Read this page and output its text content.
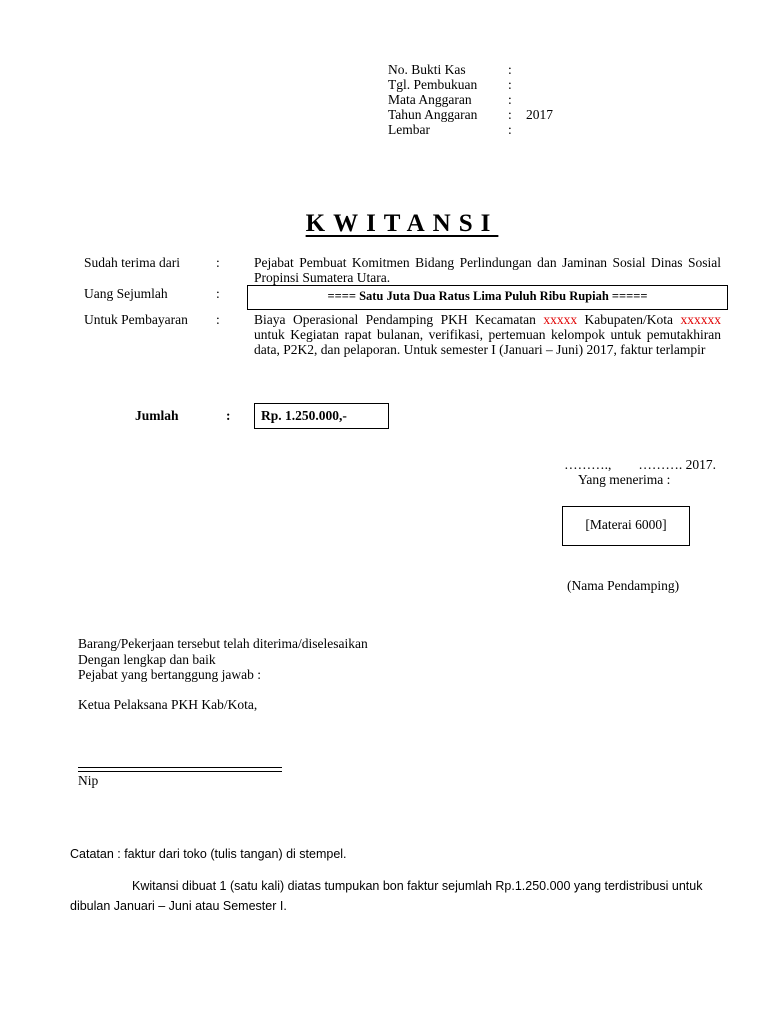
No. Bukti Kas	:
Tgl. Pembukuan :
Mata Anggaran	:
Tahun Anggaran : 2017
Lembar	:
KWITANSI
Sudah terima dari	:	Pejabat Pembuat Komitmen Bidang Perlindungan dan Jaminan Sosial Dinas Sosial Propinsi Sumatera Utara.
Uang Sejumlah	:	==== Satu Juta Dua Ratus Lima Puluh Ribu Rupiah =====
Untuk Pembayaran :	Biaya Operasional Pendamping PKH Kecamatan xxxxx Kabupaten/Kota xxxxxx untuk Kegiatan rapat bulanan, verifikasi, pertemuan kelompok untuk pemutakhiran data, P2K2, dan pelaporan. Untuk semester I (Januari – Juni) 2017, faktur terlampir
Jumlah	: Rp. 1.250.000,-
……….,        ………. 2017.
Yang menerima :
[Materai 6000]
(Nama Pendamping)
Barang/Pekerjaan tersebut telah diterima/diselesaikan
Dengan lengkap dan baik
Pejabat yang bertanggung jawab :
Ketua Pelaksana PKH Kab/Kota,
Nip
Catatan : faktur dari toko (tulis tangan) di stempel.
Kwitansi dibuat 1 (satu kali) diatas tumpukan bon faktur sejumlah Rp.1.250.000 yang terdistribusi untuk dibulan Januari – Juni atau Semester I.
